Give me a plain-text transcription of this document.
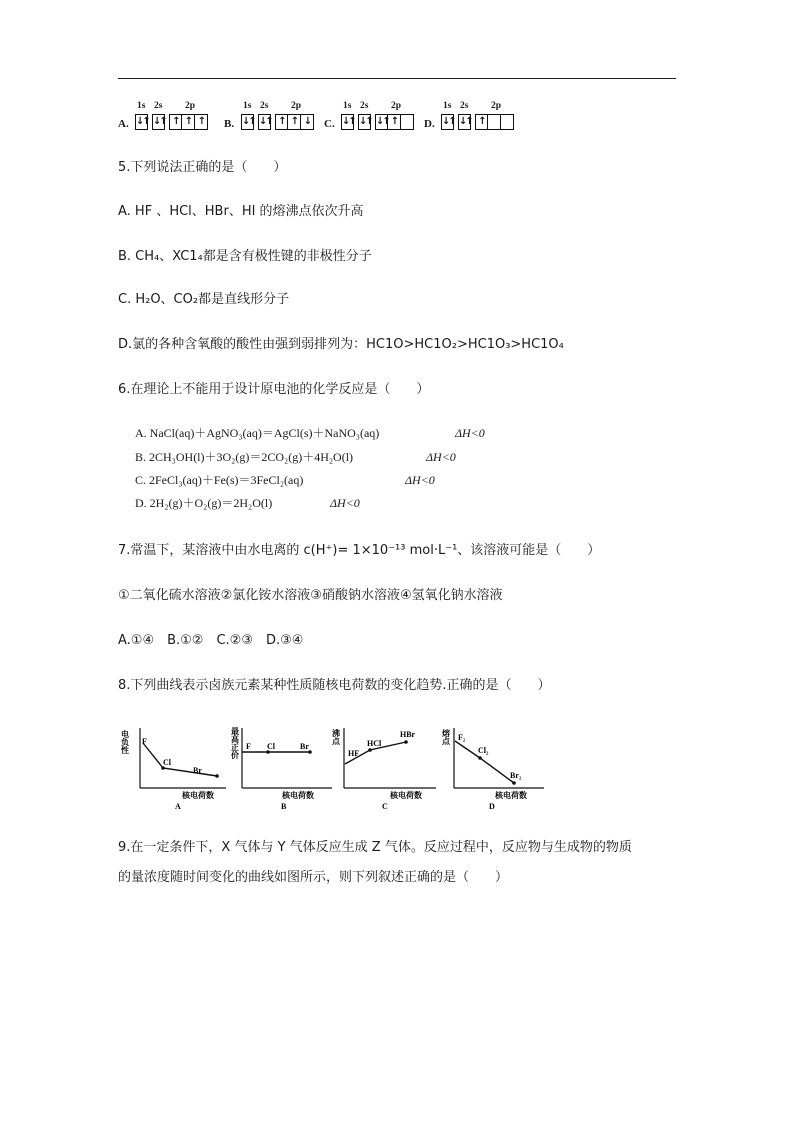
A.
1s 2s 2p
↓↑ ↓↑ ↑ ↑ ↑	B.
1s 2s 2p
↓↑ ↓↑ ↑ ↑ ↓	C.
1s 2s 2p
↓↑ ↓↑ ↓↑ ↑	D.
1s 2s 2p
↓↑ ↓↑ ↑
5.下列说法正确的是（　　）
A. HF 、HCl、HBr、HI 的熔沸点依次升高
B. CH₄、XC1₄都是含有极性键的非极性分子
C. H₂O、CO₂都是直线形分子
D.氯的各种含氧酸的酸性由强到弱排列为：HC1O>HC1O₂>HC1O₃>HC1O₄
6.在理论上不能用于设计原电池的化学反应是（　　）
A. NaCl(aq)＋AgNO₃(aq)＝AgCl(s)＋NaNO₃(aq)	ΔH<0
B. 2CH₃OH(l)＋3O₂(g)＝2CO₂(g)＋4H₂O(l)	ΔH<0
C. 2FeCl₃(aq)＋Fe(s)＝3FeCl₂(aq)	ΔH<0
D. 2H₂(g)＋O₂(g)＝2H₂O(l)	ΔH<0
7.常温下，某溶液中由水电离的 c(H⁺)= 1×10⁻¹³ mol·L⁻¹、该溶液可能是（　　）
①二氧化硫水溶液②氯化铵水溶液③硝酸钠水溶液④氢氧化钠水溶液
A.①④　B.①②　C.②③　D.③④
8.下列曲线表示卤族元素某种性质随核电荷数的变化趋势.正确的是（　　）
电
负
性
F
Cl
Br
核电荷数
A
最
高
正
价
F Cl	Br
核电荷数
B
沸
点
HF
HCl
HBr
核电荷数
C
熔
点 F₂
Cl₂
Br₂
核电荷数
D
9.在一定条件下，X 气体与 Y 气体反应生成 Z 气体。反应过程中，反应物与生成物的物质
的量浓度随时间变化的曲线如图所示，则下列叙述正确的是（　　）
